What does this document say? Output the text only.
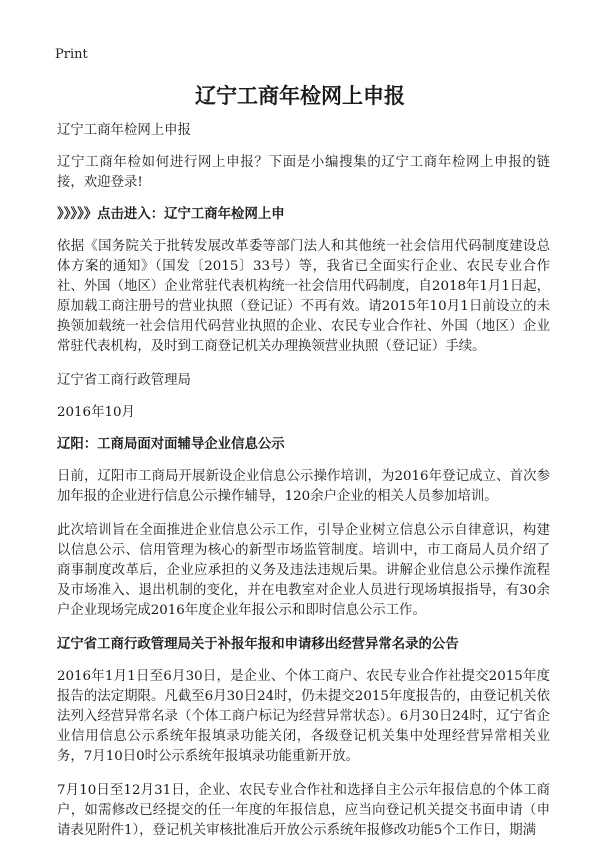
Print
辽宁工商年检网上申报

辽宁工商年检网上申报

辽宁工商年检如何进行网上申报？下面是小编搜集的辽宁工商年检网上申报的链接，欢迎登录!

》》》》》点击进入：辽宁工商年检网上申

依据《国务院关于批转发展改革委等部门法人和其他统一社会信用代码制度建设总体方案的通知》（国发〔2015〕33号）等，我省已全面实行企业、农民专业合作社、外国（地区）企业常驻代表机构统一社会信用代码制度，自2018年1月1日起，原加载工商注册号的营业执照（登记证）不再有效。请2015年10月1日前设立的未换领加载统一社会信用代码营业执照的企业、农民专业合作社、外国（地区）企业常驻代表机构，及时到工商登记机关办理换领营业执照（登记证）手续。

辽宁省工商行政管理局

2016年10月

辽阳：工商局面对面辅导企业信息公示

日前，辽阳市工商局开展新设企业信息公示操作培训，为2016年登记成立、首次参加年报的企业进行信息公示操作辅导，120余户企业的相关人员参加培训。

此次培训旨在全面推进企业信息公示工作，引导企业树立信息公示自律意识，构建以信息公示、信用管理为核心的新型市场监管制度。培训中，市工商局人员介绍了商事制度改革后，企业应承担的义务及违法违规后果。讲解企业信息公示操作流程及市场准入、退出机制的变化，并在电教室对企业人员进行现场填报指导，有30余户企业现场完成2016年度企业年报公示和即时信息公示工作。

辽宁省工商行政管理局关于补报年报和申请移出经营异常名录的公告

2016年1月1日至6月30日，是企业、个体工商户、农民专业合作社提交2015年度报告的法定期限。凡截至6月30日24时，仍未提交2015年度报告的，由登记机关依法列入经营异常名录（个体工商户标记为经营异常状态）。6月30日24时，辽宁省企业信用信息公示系统年报填录功能关闭，各级登记机关集中处理经营异常相关业务，7月10日0时公示系统年报填录功能重新开放。

7月10日至12月31日，企业、农民专业合作社和选择自主公示年报信息的个体工商户，如需修改已经提交的任一年度的年报信息，应当向登记机关提交书面申请（申请表见附件1），登记机关审核批准后开放公示系统年报修改功能5个工作日，期满
